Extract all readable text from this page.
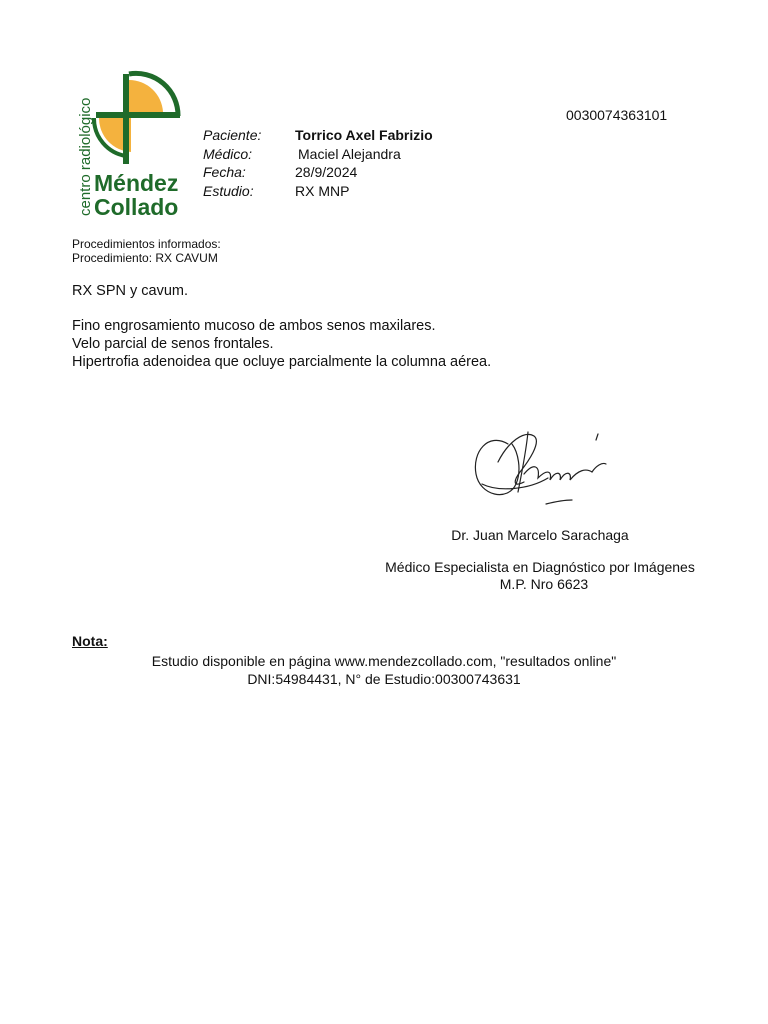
centro radiológico Méndez
Collado
0030074363101
Paciente: Torrico Axel Fabrizio
Médico:	Maciel Alejandra
Fecha:	28/9/2024
Estudio:	RX MNP
Procedimientos informados:
Procedimiento: RX CAVUM
RX SPN y cavum.
Fino engrosamiento mucoso de ambos senos maxilares.
Velo parcial de senos frontales.
Hipertrofia adenoidea que ocluye parcialmente la columna aérea.
Dr. Juan Marcelo Sarachaga
Médico Especialista en Diagnóstico por Imágenes
M.P. Nro 6623
Nota:
Estudio disponible en página www.mendezcollado.com, "resultados online"
DNI:54984431, N° de Estudio:00300743631
